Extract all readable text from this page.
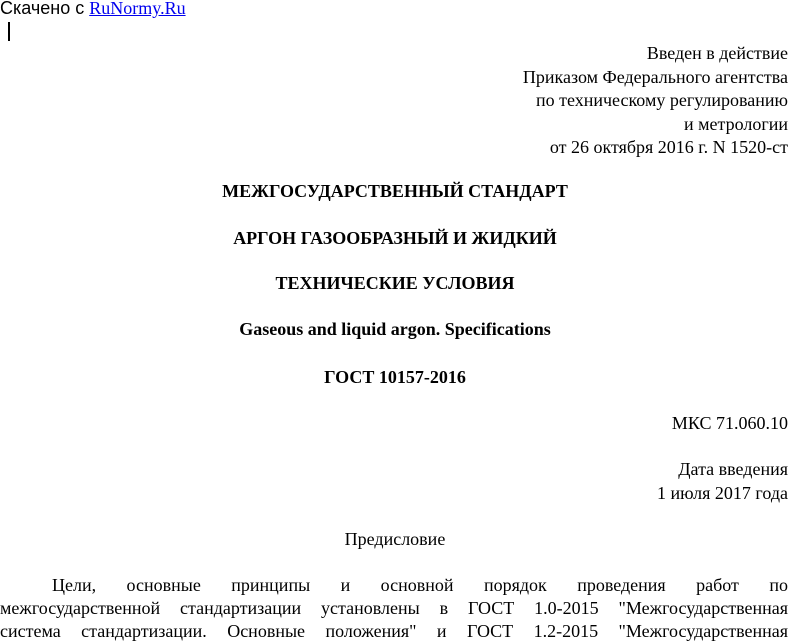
Скачено с RuNormy.Ru
Введен в действие
Приказом Федерального агентства
по техническому регулированию
и метрологии
от 26 октября 2016 г. N 1520-ст
МЕЖГОСУДАРСТВЕННЫЙ СТАНДАРТ
АРГОН ГАЗООБРАЗНЫЙ И ЖИДКИЙ
ТЕХНИЧЕСКИЕ УСЛОВИЯ
Gaseous and liquid argon. Specifications
ГОСТ 10157-2016
МКС 71.060.10
Дата введения
1 июля 2017 года
Предисловие
Цели, основные принципы и основной порядок проведения работ по
межгосударственной стандартизации установлены в ГОСТ 1.0-2015 "Межгосударственная
система стандартизации. Основные положения" и ГОСТ 1.2-2015 "Межгосударственная
